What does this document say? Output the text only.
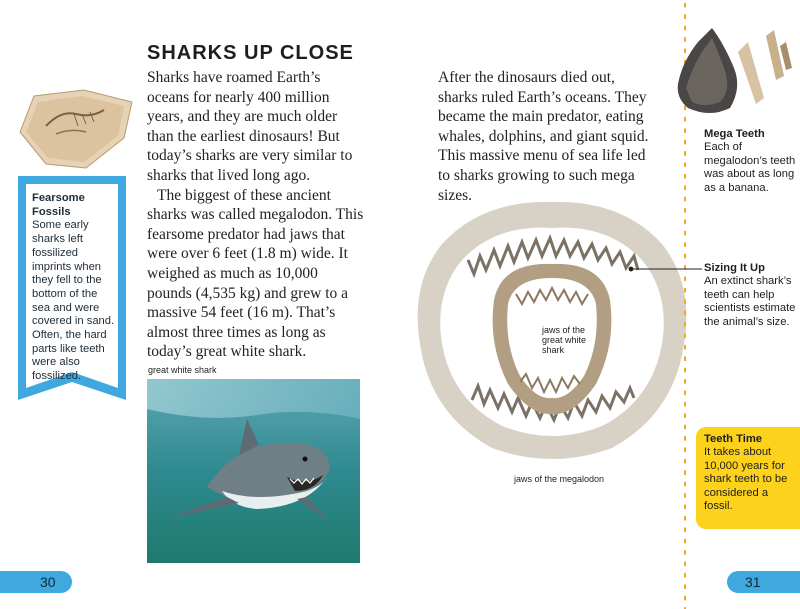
SHARKS UP CLOSE

Sharks have roamed Earth’s oceans for nearly 400 million years, and they are much older than the earliest dinosaurs! But today’s sharks are very similar to sharks that lived long ago.

The biggest of these ancient sharks was called megalodon. This fearsome predator had jaws that were over 6 feet (1.8 m) wide. It weighed as much as 10,000 pounds (4,535 kg) and grew to a massive 54 feet (16 m). That’s almost three times as long as today’s great white shark.

Fearsome Fossils
Some early sharks left fossilized imprints when they fell to the bottom of the sea and were covered in sand. Often, the hard parts like teeth were also fossilized.
great white shark

After the dinosaurs died out, sharks ruled Earth’s oceans. They became the main predator, eating whales, dolphins, and giant squid. This massive menu of sea life led to sharks growing to such mega sizes.

jaws of the great white shark
jaws of the megalodon
Mega Teeth
Each of megalodon’s teeth was about as long as a banana.
Sizing It Up
An extinct shark’s teeth can help scientists estimate the animal’s size.
Teeth Time
It takes about 10,000 years for shark teeth to be considered a fossil.
30	31
